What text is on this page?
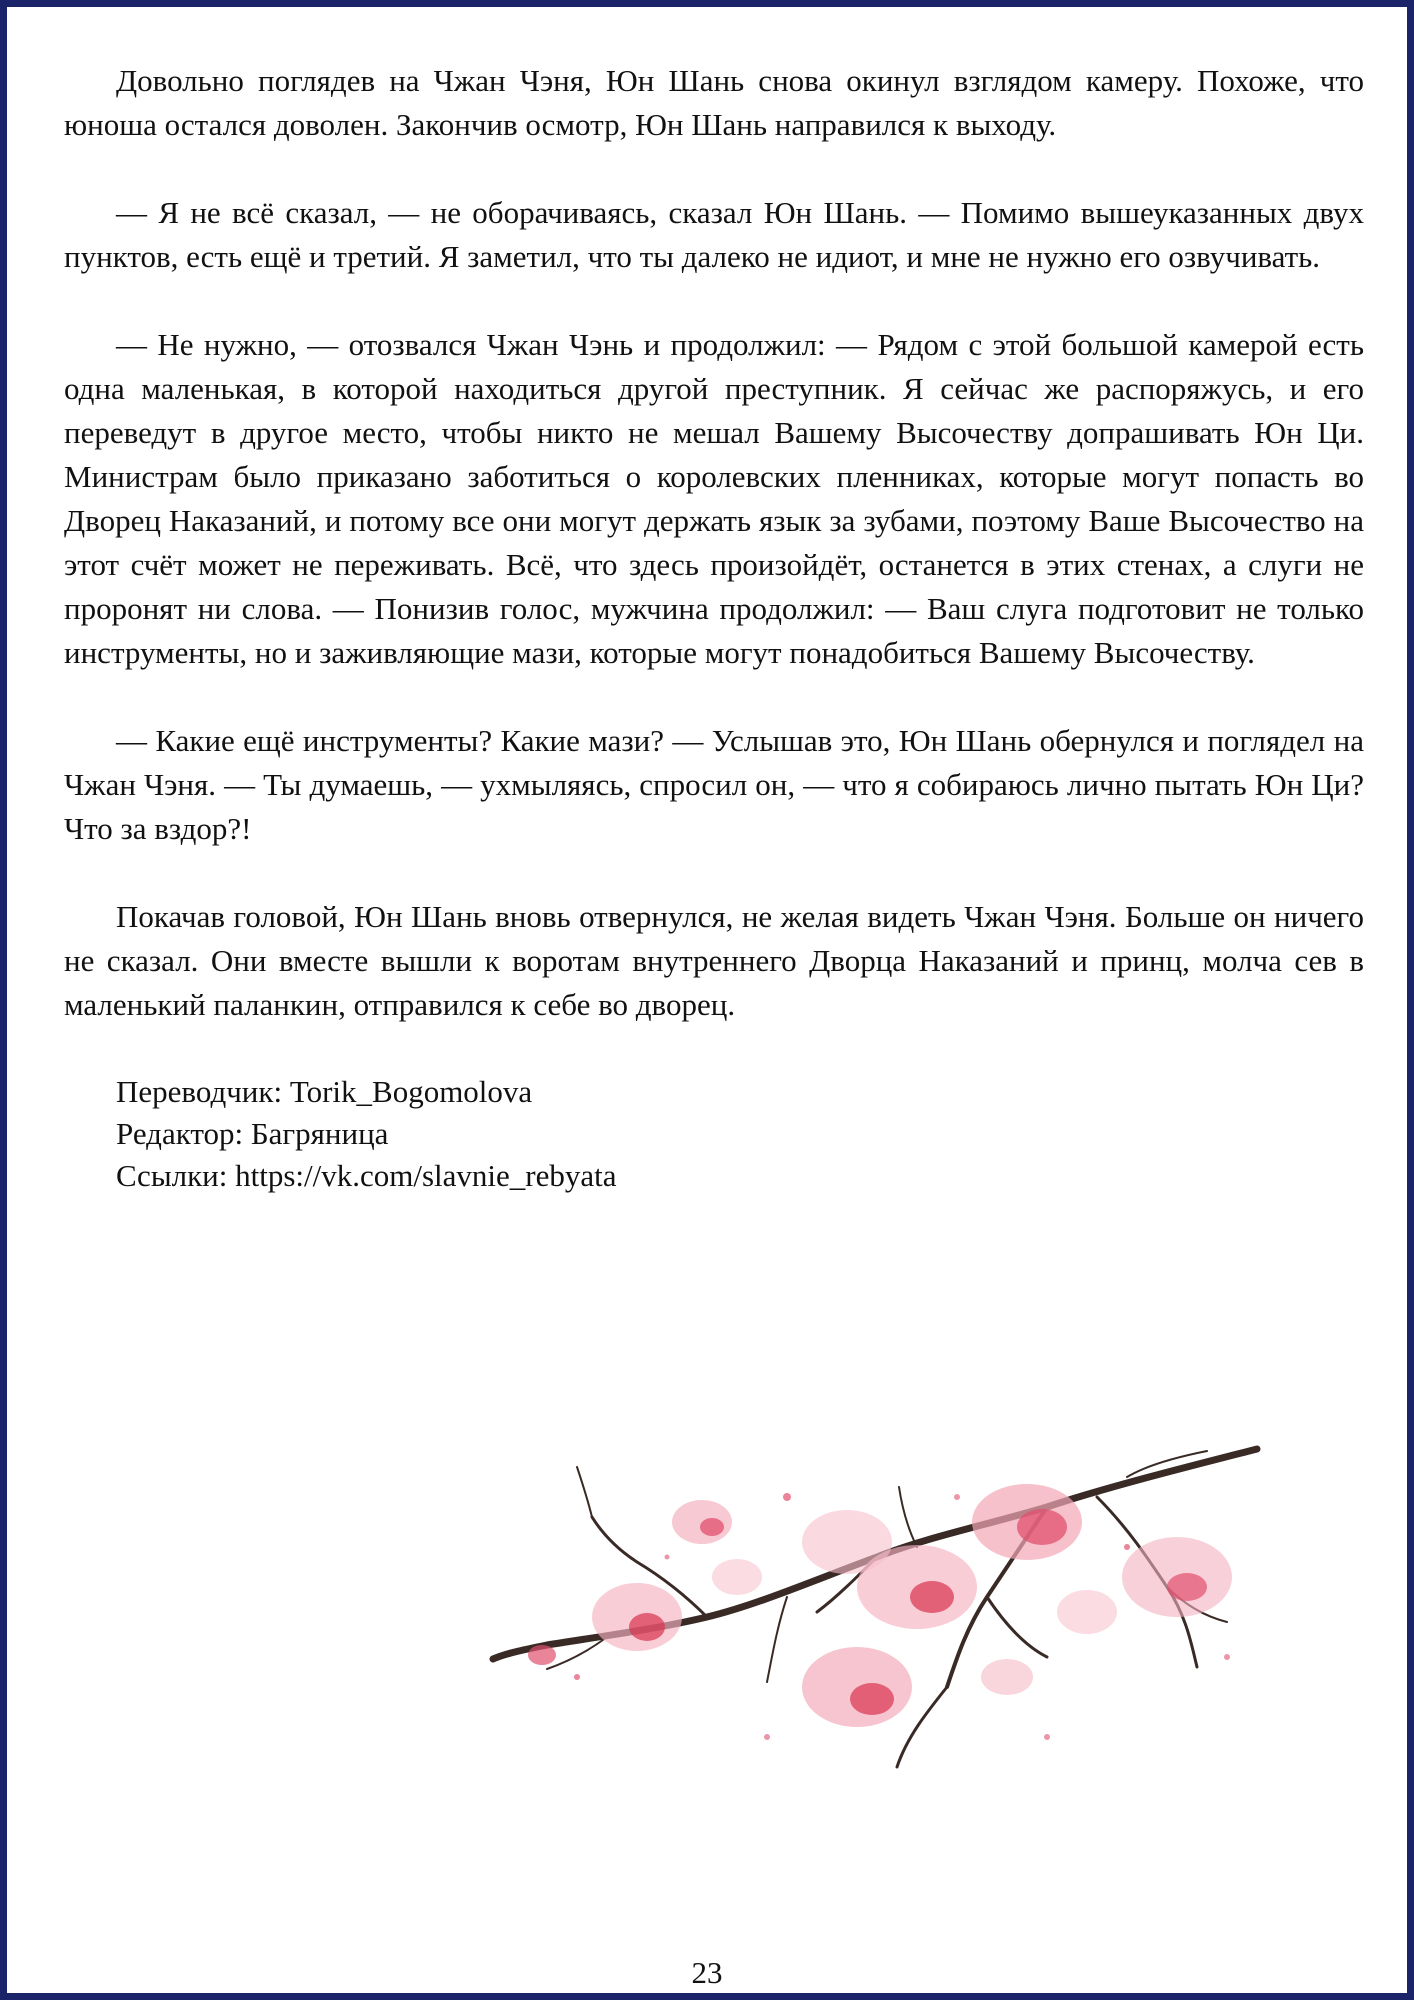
Довольно поглядев на Чжан Чэня, Юн Шань снова окинул взглядом камеру. Похоже, что юноша остался доволен. Закончив осмотр, Юн Шань направился к выходу.

— Я не всё сказал, — не оборачиваясь, сказал Юн Шань. — Помимо вышеуказанных двух пунктов, есть ещё и третий. Я заметил, что ты далеко не идиот, и мне не нужно его озвучивать.

— Не нужно, — отозвался Чжан Чэнь и продолжил: — Рядом с этой большой камерой есть одна маленькая, в которой находиться другой преступник. Я сейчас же распоряжусь, и его переведут в другое место, чтобы никто не мешал Вашему Высочеству допрашивать Юн Ци. Министрам было приказано заботиться о королевских пленниках, которые могут попасть во Дворец Наказаний, и потому все они могут держать язык за зубами, поэтому Ваше Высочество на этот счёт может не переживать. Всё, что здесь произойдёт, останется в этих стенах, а слуги не проронят ни слова. — Понизив голос, мужчина продолжил: — Ваш слуга подготовит не только инструменты, но и заживляющие мази, которые могут понадобиться Вашему Высочеству.

— Какие ещё инструменты? Какие мази? — Услышав это, Юн Шань обернулся и поглядел на Чжан Чэня. — Ты думаешь, — ухмыляясь, спросил он, — что я собираюсь лично пытать Юн Ци? Что за вздор?!

Покачав головой, Юн Шань вновь отвернулся, не желая видеть Чжан Чэня. Больше он ничего не сказал. Они вместе вышли к воротам внутреннего Дворца Наказаний и принц, молча сев в маленький паланкин, отправился к себе во дворец.

Переводчик: Torik_Bogomolova
Редактор: Багряница
Ссылки: https://vk.com/slavnie_rebyata
23
